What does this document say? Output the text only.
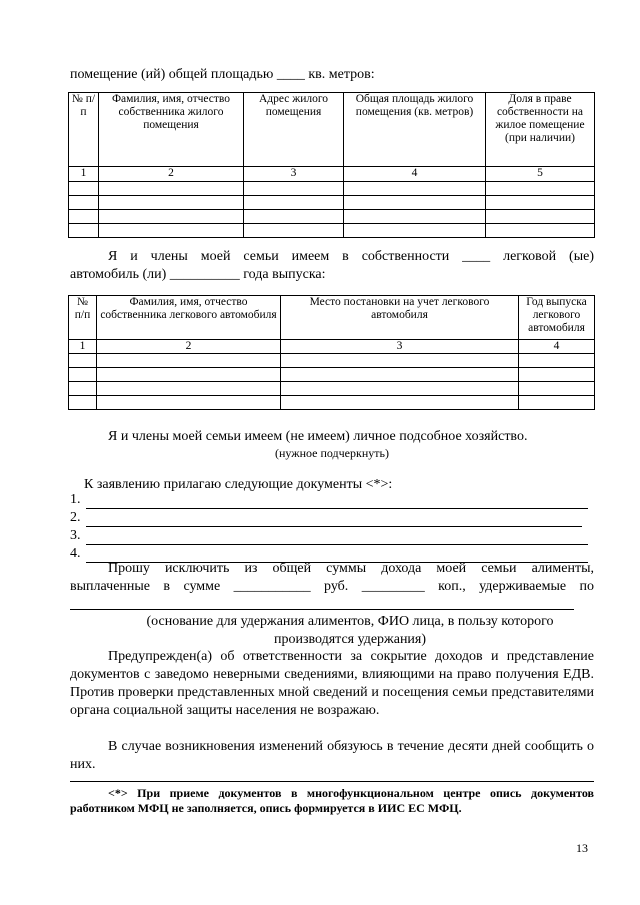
помещение (ий) общей площадью ____ кв. метров:
№ п/п	Фамилия, имя, отчество собственника жилого помещения	Адрес жилого помещения	Общая площадь жилого помещения (кв. метров)	Доля в праве собственности на жилое помещение (при наличии)
1	2	3	4	5

Я и члены моей семьи имеем в собственности ____ легковой (ые)
автомобиль (ли) __________ года выпуска:
№ п/п	Фамилия, имя, отчество собственника легкового автомобиля	Место постановки на учет легкового автомобиля	Год выпуска легкового автомобиля
1	2	3	4

Я и члены моей семьи имеем (не имеем) личное подсобное хозяйство.
(нужное подчеркнуть)
К заявлению прилагаю следующие документы <*>:
1.
2.
3.
4.
Прошу исключить из общей суммы дохода моей семьи алименты,
выплаченные в сумме ___________ руб. _________ коп., удерживаемые по
(основание для удержания алиментов, ФИО лица, в пользу которого производятся удержания)
Предупрежден(а) об ответственности за сокрытие доходов и представление документов с заведомо неверными сведениями, влияющими на право получения ЕДВ. Против проверки представленных мной сведений и посещения семьи представителями органа социальной защиты населения не возражаю.
В случае возникновения изменений обязуюсь в течение десяти дней сообщить о них.
<*> При приеме документов в многофункциональном центре опись документов работником МФЦ не заполняется, опись формируется в ИИС ЕС МФЦ.
13
